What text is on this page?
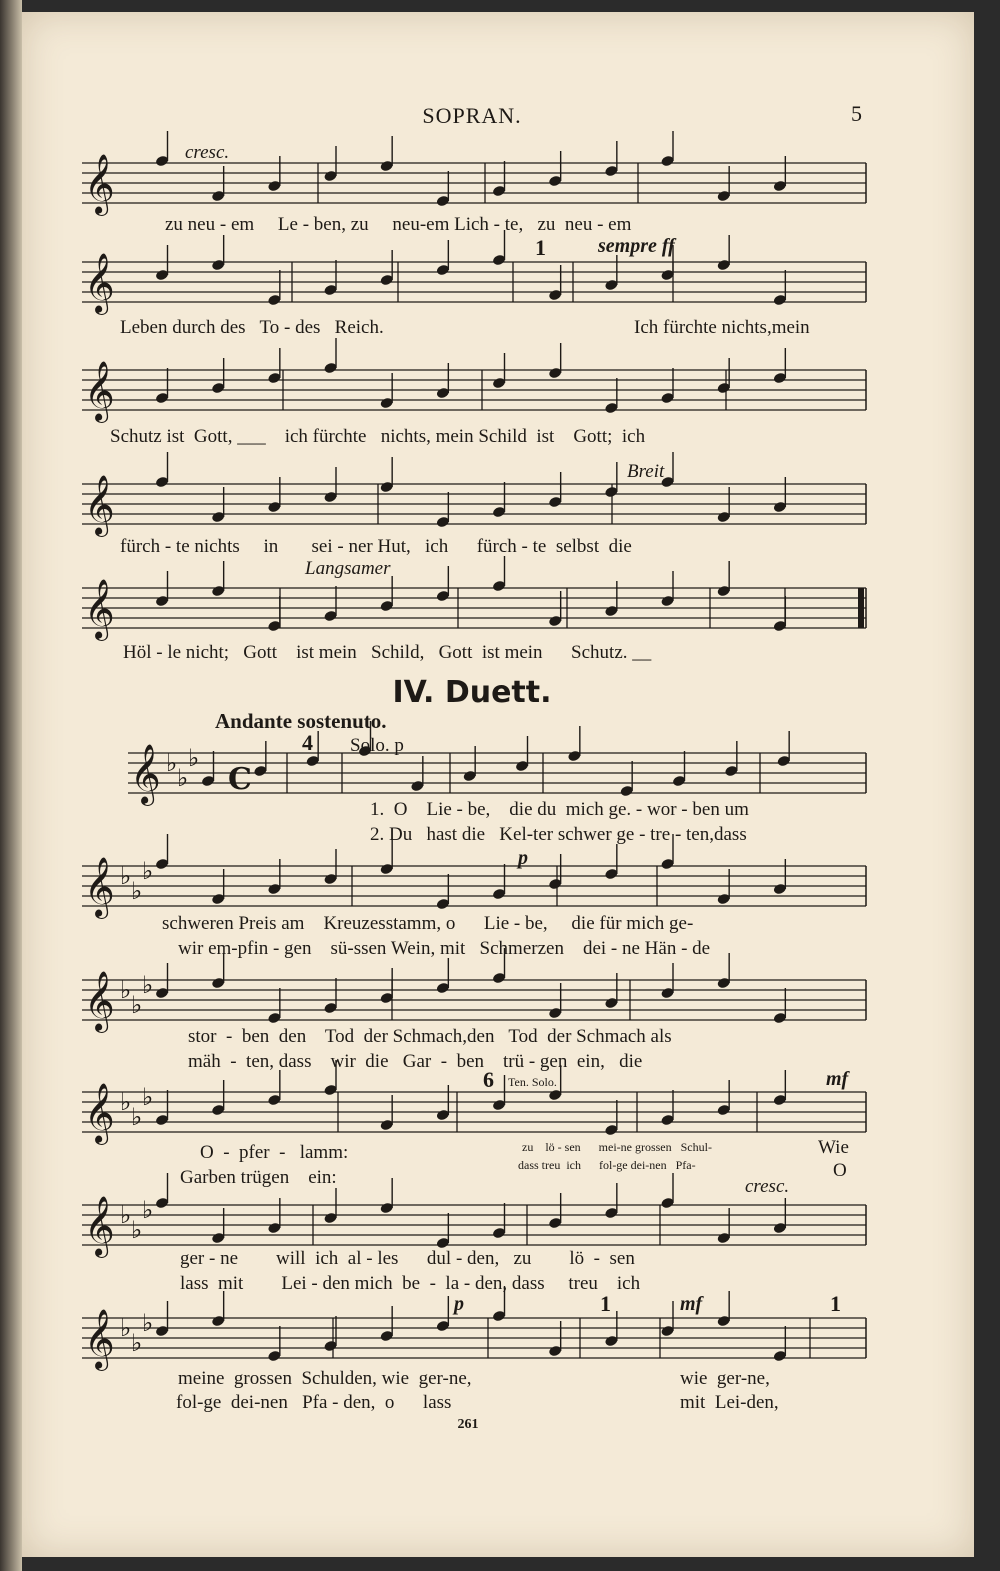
𝄞
𝄞
𝄞
𝄞
𝄞
𝄞 ♭
♭
♭
𝄞 ♭
♭
♭
𝄞 ♭
♭
♭
𝄞 ♭
♭
♭
𝄞 ♭
♭
♭
𝄞 ♭
♭
♭
C
SOPRAN.	5
cresc.
1	sempre ff
Breit
Langsamer
zu neu - em     Le - ben, zu     neu-em Lich - te,   zu  neu - em
Leben durch des   To - des   Reich.	Ich fürchte nichts,mein
Schutz ist  Gott, ___    ich fürchte   nichts, mein Schild  ist    Gott;  ich
fürch - te nichts     in       sei - ner Hut,   ich      fürch - te  selbst  die
Höl - le nicht;   Gott    ist mein   Schild,   Gott  ist mein      Schutz. __
IV. Duett.
Andante sostenuto.
4 Solo. p
1.  O    Lie - be,    die du  mich ge. - wor - ben um
2. Du   hast die   Kel-ter schwer ge - tre - ten,dass
p
schweren Preis am    Kreuzesstamm, o      Lie - be,     die für mich ge-
wir em-pfin - gen    sü-ssen Wein, mit   Schmerzen    dei - ne Hän - de
stor  -  ben  den    Tod  der Schmach,den   Tod  der Schmach als
mäh  -  ten, dass    wir  die   Gar  -  ben    trü - gen  ein,   die
6 Ten. Solo.	mf
O  -  pfer  -   lamm:
Garben trügen    ein:
zu    lö - sen      mei-ne grossen   Schul-
dass treu  ich      fol-ge dei-nen   Pfa-
Wie
O
cresc.
ger - ne        will  ich  al - les      dul - den,   zu        lö  -  sen
lass  mit        Lei - den mich  be  -  la - den, dass     treu    ich
p	1	mf	1
meine  grossen  Schulden, wie  ger-ne,
fol-ge  dei-nen   Pfa - den,  o      lass
wie  ger-ne,
mit  Lei-den,
261
